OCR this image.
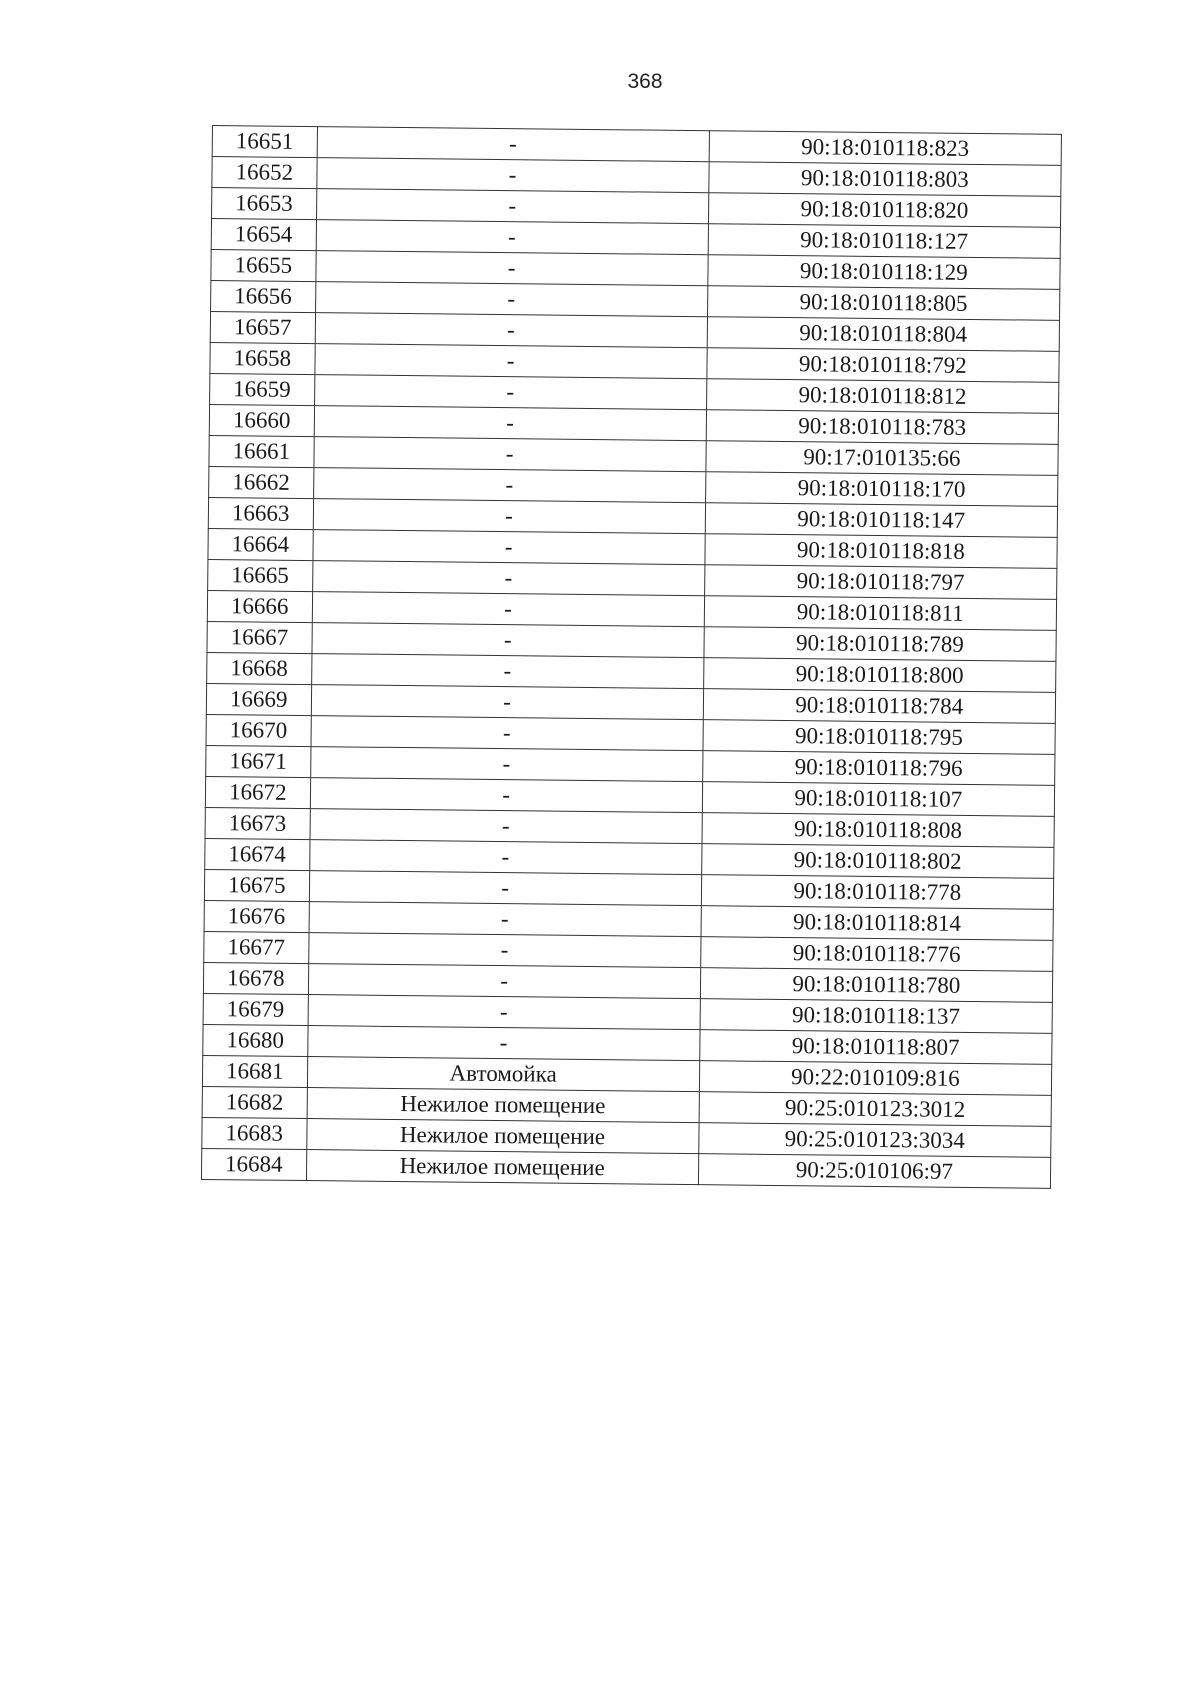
368
16651	-	90:18:010118:823
16652	-	90:18:010118:803
16653	-	90:18:010118:820
16654	-	90:18:010118:127
16655	-	90:18:010118:129
16656	-	90:18:010118:805
16657	-	90:18:010118:804
16658	-	90:18:010118:792
16659	-	90:18:010118:812
16660	-	90:18:010118:783
16661	-	90:17:010135:66
16662	-	90:18:010118:170
16663	-	90:18:010118:147
16664	-	90:18:010118:818
16665	-	90:18:010118:797
16666	-	90:18:010118:811
16667	-	90:18:010118:789
16668	-	90:18:010118:800
16669	-	90:18:010118:784
16670	-	90:18:010118:795
16671	-	90:18:010118:796
16672	-	90:18:010118:107
16673	-	90:18:010118:808
16674	-	90:18:010118:802
16675	-	90:18:010118:778
16676	-	90:18:010118:814
16677	-	90:18:010118:776
16678	-	90:18:010118:780
16679	-	90:18:010118:137
16680	-	90:18:010118:807
16681	Автомойка	90:22:010109:816
16682	Нежилое помещение	90:25:010123:3012
16683	Нежилое помещение	90:25:010123:3034
16684	Нежилое помещение	90:25:010106:97
